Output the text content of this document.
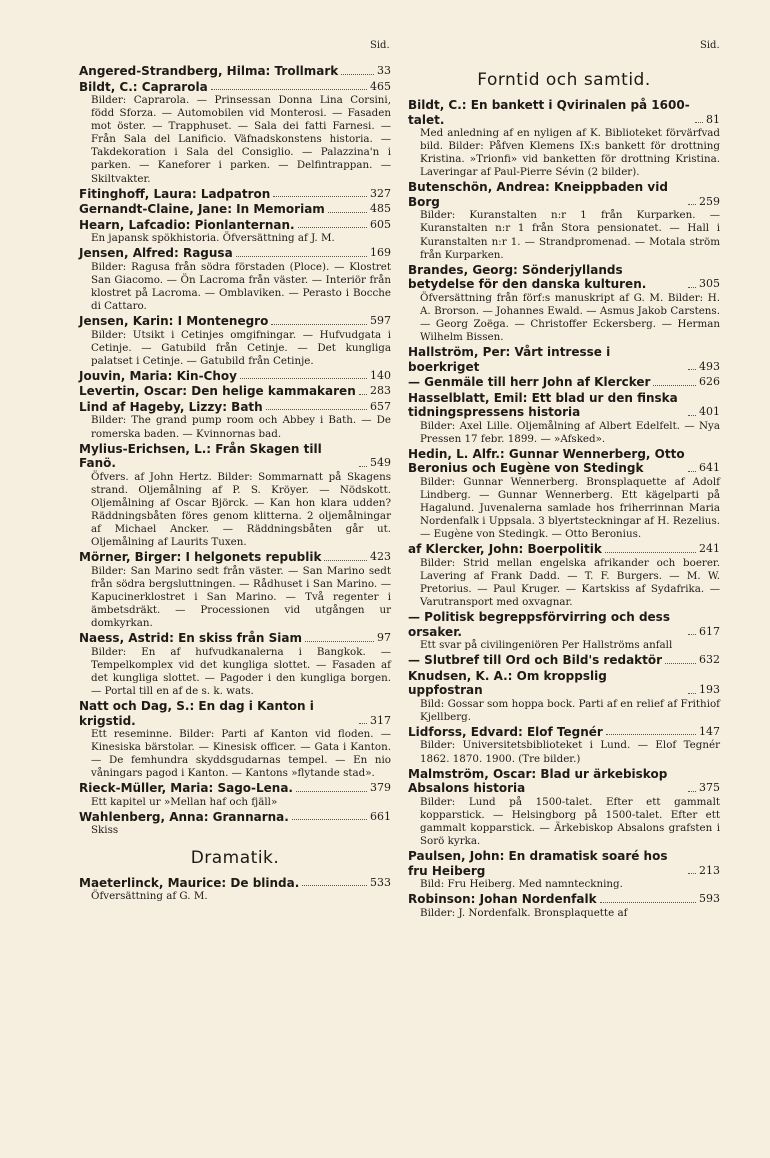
Sid.	Sid.
Angered-Strandberg, Hilma: Trollmark	33
Bildt, C.: Caprarola	465
Bilder: Caprarola. — Prinsessan Donna Lina Corsini, född Sforza. — Automobilen vid Monterosi. — Fasaden mot öster. — Trapphuset. — Sala dei fatti Farnesi. — Från Sala del Lanificio. Väfnadskonstens historia. — Takdekoration i Sala del Consiglio. — Palazzina'n i parken. — Kaneforer i parken. — Delfintrappan. — Skiltvakter.
Fitinghoff, Laura: Ladpatron	327
Gernandt-Claine, Jane: In Memoriam	485
Hearn, Lafcadio: Pionlanternan.	605
En japansk spökhistoria. Öfversättning af J. M.
Jensen, Alfred: Ragusa	169
Bilder: Ragusa från södra förstaden (Ploce). — Klostret San Giacomo. — Ön Lacroma från väster. — Interiör från klostret på Lacroma. — Omblaviken. — Perasto i Bocche di Cattaro.
Jensen, Karin: I Montenegro	597
Bilder: Utsikt i Cetinjes omgifningar. — Hufvudgata i Cetinje. — Gatubild från Cetinje. — Det kungliga palatset i Cetinje. — Gatubild från Cetinje.
Jouvin, Maria: Kin-Choy	140
Levertin, Oscar: Den helige kammakaren 283
Lind af Hageby, Lizzy: Bath	657
Bilder: The grand pump room och Abbey i Bath. — De romerska baden. — Kvinnornas bad.
Mylius-Erichsen, L.: Från Skagen till Fanö.	549
Öfvers. af John Hertz. Bilder: Sommarnatt på Skagens strand. Oljemålning af P. S. Kröyer. — Nödskott. Oljemålning af Oscar Björck. — Kan hon klara udden? Räddningsbåten föres genom klitterna. 2 oljemålningar af Michael Ancker. — Räddningsbåten går ut. Oljemålning af Laurits Tuxen.
Mörner, Birger: I helgonets republik	423
Bilder: San Marino sedt från väster. — San Marino sedt från södra bergsluttningen. — Rådhuset i San Marino. — Kapucinerklostret i San Marino. — Två regenter i ämbetsdräkt. — Processionen vid utgången ur domkyrkan.
Naess, Astrid: En skiss från Siam	97
Bilder: En af hufvudkanalerna i Bangkok. — Tempelkomplex vid det kungliga slottet. — Fasaden af det kungliga slottet. — Pagoder i den kungliga borgen. — Portal till en af de s. k. wats.
Natt och Dag, S.: En dag i Kanton i krigstid.	317
Ett reseminne. Bilder: Parti af Kanton vid floden. — Kinesiska bärstolar. — Kinesisk officer. — Gata i Kanton. — De femhundra skyddsgudarnas tempel. — En nio våningars pagod i Kanton. — Kantons »flytande stad».
Rieck-Müller, Maria: Sago-Lena.	379
Ett kapitel ur »Mellan haf och fjäll»
Wahlenberg, Anna: Grannarna.	661
Skiss
Dramatik.
Maeterlinck, Maurice: De blinda.	533
Öfversättning af G. M.
Forntid och samtid.
Bildt, C.: En bankett i Qvirinalen på 1600-talet.	81
Med anledning af en nyligen af K. Biblioteket förvärfvad bild. Bilder: Påfven Klemens IX:s bankett för drottning Kristina. »Trionfi» vid banketten för drottning Kristina. Laveringar af Paul-Pierre Sévin (2 bilder).
Butenschön, Andrea: Kneippbaden vid Borg	259
Bilder: Kuranstalten n:r 1 från Kurparken. — Kuranstalten n:r 1 från Stora pensionatet. — Hall i Kuranstalten n:r 1. — Strandpromenad. — Motala ström från Kurparken.
Brandes, Georg: Sönderjyllands betydelse för den danska kulturen.	305
Öfversättning från förf:s manuskript af G. M. Bilder: H. A. Brorson. — Johannes Ewald. — Asmus Jakob Carstens. — Georg Zoëga. — Christoffer Eckersberg. — Herman Wilhelm Bissen.
Hallström, Per: Vårt intresse i boerkriget	493
— Genmäle till herr John af Klercker	626
Hasselblatt, Emil: Ett blad ur den finska tidningspressens historia	401
Bilder: Axel Lille. Oljemålning af Albert Edelfelt. — Nya Pressen 17 febr. 1899. — »Afsked».
Hedin, L. Alfr.: Gunnar Wennerberg, Otto Beronius och Eugène von Stedingk	641
Bilder: Gunnar Wennerberg. Bronsplaquette af Adolf Lindberg. — Gunnar Wennerberg. Ett kägelparti på Hagalund. Juvenalerna samlade hos friherrinnan Maria Nordenfalk i Uppsala. 3 blyertsteckningar af H. Rezelius. — Eugène von Stedingk. — Otto Beronius.
af Klercker, John: Boerpolitik	241
Bilder: Strid mellan engelska afrikander och boerer. Lavering af Frank Dadd. — T. F. Burgers. — M. W. Pretorius. — Paul Kruger. — Kartskiss af Sydafrika. — Varutransport med oxvagnar.
— Politisk begreppsförvirring och dess orsaker.	617
Ett svar på civilingeniören Per Hallströms anfall
— Slutbref till Ord och Bild's redaktör	632
Knudsen, K. A.: Om kroppslig uppfostran	193
Bild: Gossar som hoppa bock. Parti af en relief af Frithiof Kjellberg.
Lidforss, Edvard: Elof Tegnér	147
Bilder: Universitetsbiblioteket i Lund. — Elof Tegnér 1862. 1870. 1900. (Tre bilder.)
Malmström, Oscar: Blad ur ärkebiskop Absalons historia	375
Bilder: Lund på 1500-talet. Efter ett gammalt kopparstick. — Helsingborg på 1500-talet. Efter ett gammalt kopparstick. — Ärkebiskop Absalons grafsten i Sorö kyrka.
Paulsen, John: En dramatisk soaré hos fru Heiberg	213
Bild: Fru Heiberg. Med namnteckning.
Robinson: Johan Nordenfalk	593
Bilder: J. Nordenfalk. Bronsplaquette af
